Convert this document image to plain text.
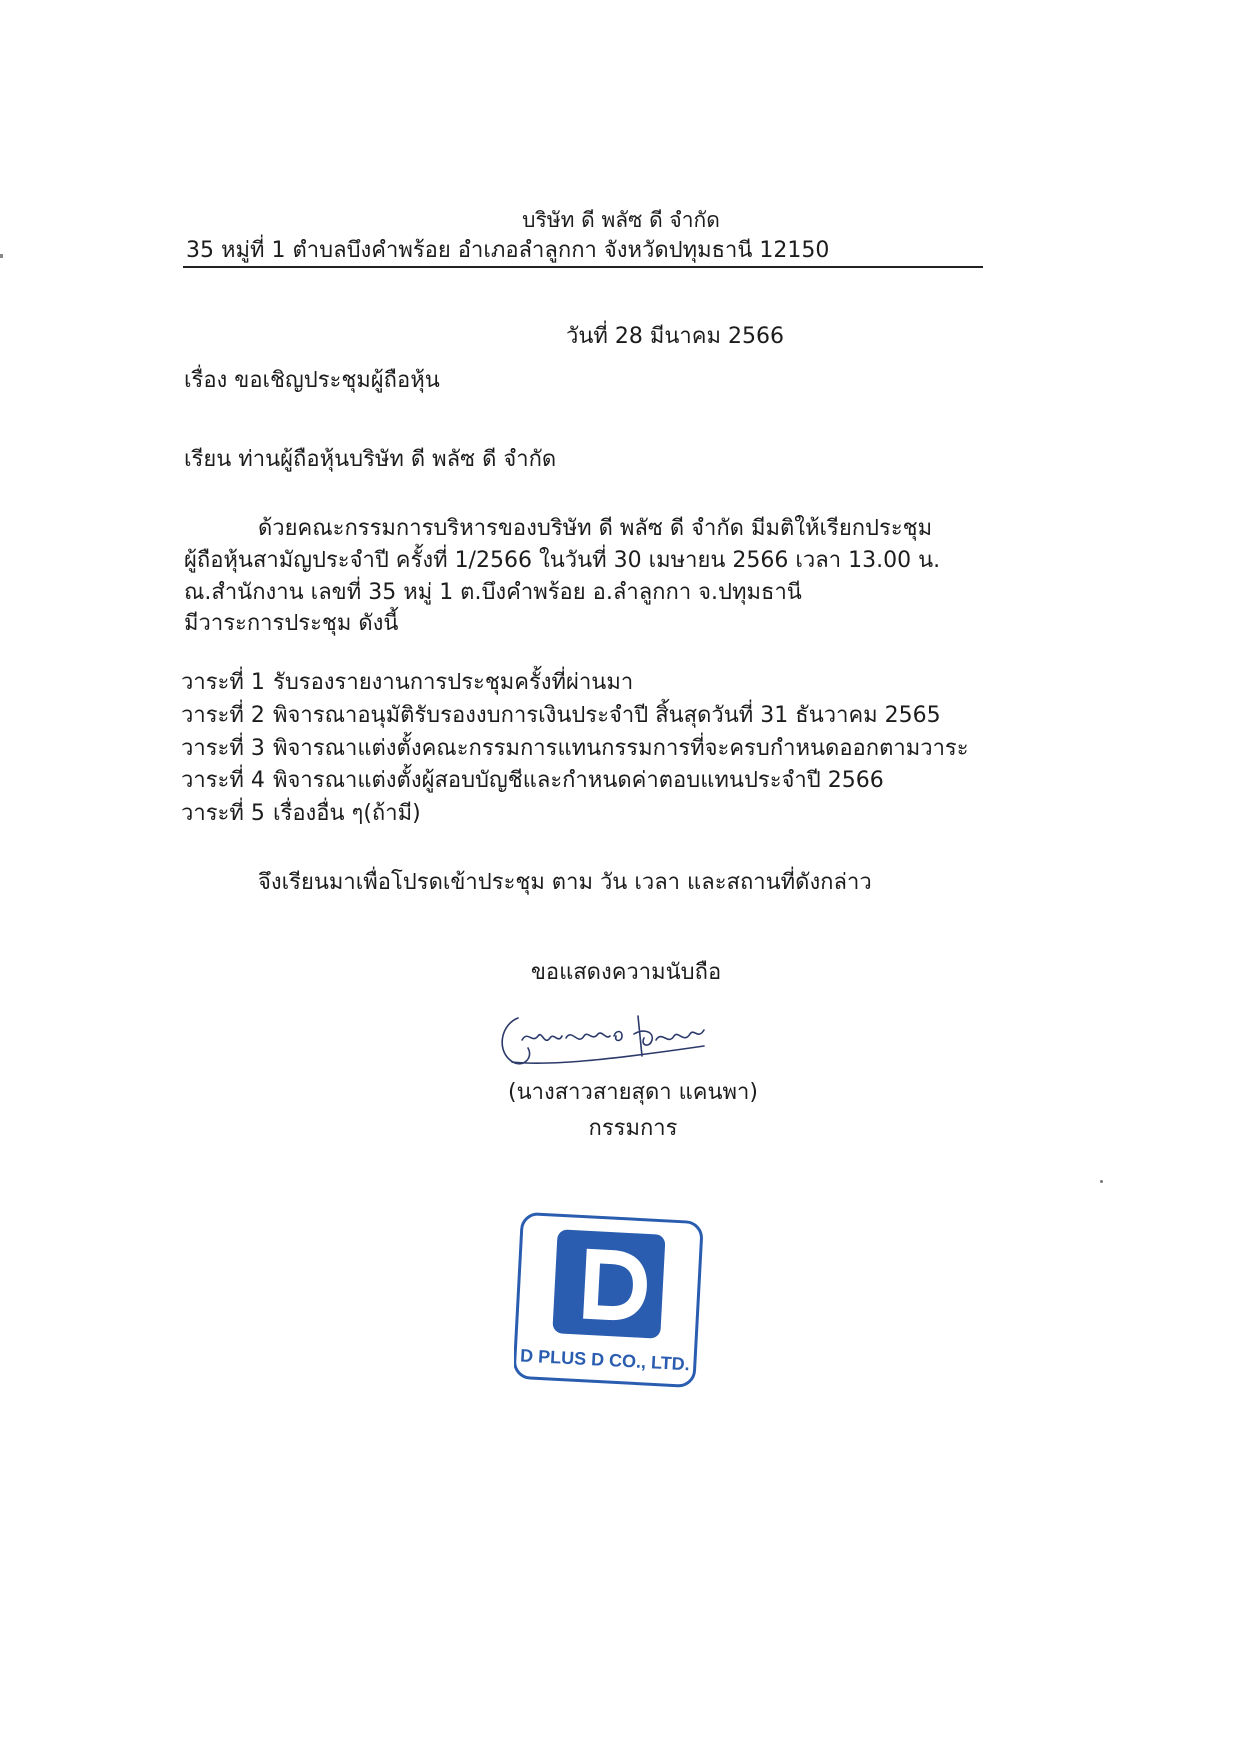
บริษัท ดี พลัซ ดี จำกัด
35 หมู่ที่ 1 ตำบลบึงคำพร้อย อำเภอลำลูกกา จังหวัดปทุมธานี 12150
วันที่ 28 มีนาคม 2566
เรื่อง ขอเชิญประชุมผู้ถือหุ้น
เรียน ท่านผู้ถือหุ้นบริษัท ดี พลัซ ดี จำกัด
ด้วยคณะกรรมการบริหารของบริษัท ดี พลัซ ดี จำกัด มีมติให้เรียกประชุม
ผู้ถือหุ้นสามัญประจำปี ครั้งที่ 1/2566 ในวันที่ 30 เมษายน 2566 เวลา 13.00 น.
ณ.สำนักงาน เลขที่ 35 หมู่ 1 ต.บึงคำพร้อย อ.ลำลูกกา จ.ปทุมธานี
มีวาระการประชุม ดังนี้
วาระที่ 1 รับรองรายงานการประชุมครั้งที่ผ่านมา
วาระที่ 2 พิจารณาอนุมัติรับรองงบการเงินประจำปี สิ้นสุดวันที่ 31 ธันวาคม 2565
วาระที่ 3 พิจารณาแต่งตั้งคณะกรรมการแทนกรรมการที่จะครบกำหนดออกตามวาระ
วาระที่ 4 พิจารณาแต่งตั้งผู้สอบบัญชีและกำหนดค่าตอบแทนประจำปี 2566
วาระที่ 5 เรื่องอื่น ๆ(ถ้ามี)
จึงเรียนมาเพื่อโปรดเข้าประชุม ตาม วัน เวลา และสถานที่ดังกล่าว
ขอแสดงความนับถือ
(นางสาวสายสุดา แคนพา)
กรรมการ
D PLUS D CO., LTD.
